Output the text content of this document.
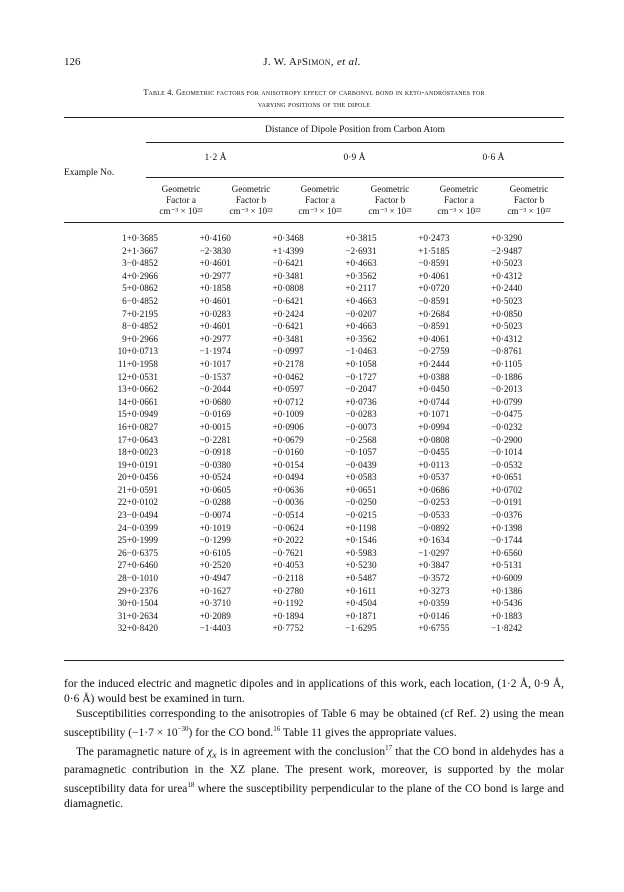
126	J. W. ApSimon, et al.
Table 4. Geometric factors for anisotropy effect of carbonyl bond in keto-androstanes for
varying positions of the dipole
Distance of Dipole Position from Carbon Atom
1·2 Å	0·9 Å	0·6 Å
Example No.
Geometric
Factor a
cm⁻³ × 10²²
Geometric
Factor b
cm⁻³ × 10²²
Geometric
Factor a
cm⁻³ × 10²²
Geometric
Factor b
cm⁻³ × 10²²
Geometric
Factor a
cm⁻³ × 10²²
Geometric
Factor b
cm⁻³ × 10²²
1	+0·3685	+0·4160	+0·3468	+0·3815	+0·2473	+0·3290
2	+1·3667	−2·3830	+1·4399	−2·6931	+1·5185	−2·9487
3	−0·4852	+0·4601	−0·6421	+0·4663	−0·8591	+0·5023
4	+0·2966	+0·2977	+0·3481	+0·3562	+0·4061	+0·4312
5	+0·0862	+0·1858	+0·0808	+0·2117	+0·0720	+0·2440
6	−0·4852	+0·4601	−0·6421	+0·4663	−0·8591	+0·5023
7	+0·2195	+0·0283	+0·2424	−0·0207	+0·2684	+0·0850
8	−0·4852	+0·4601	−0·6421	+0·4663	−0·8591	+0·5023
9	+0·2966	+0·2977	+0·3481	+0·3562	+0·4061	+0·4312
10	+0·0713	−1·1974	−0·0997	−1·0463	−0·2759	−0·8761
11	+0·1958	+0·1017	+0·2178	+0·1058	+0·2444	+0·1105
12	+0·0531	−0·1537	+0·0462	−0·1727	+0·0388	−0·1886
13	+0·0662	−0·2044	+0·0597	−0·2047	+0·0450	−0·2013
14	+0·0661	+0·0680	+0·0712	+0·0736	+0·0744	+0·0799
15	+0·0949	−0·0169	+0·1009	−0·0283	+0·1071	−0·0475
16	+0·0827	+0·0015	+0·0906	−0·0073	+0·0994	−0·0232
17	+0·0643	−0·2281	+0·0679	−0·2568	+0·0808	−0·2900
18	+0·0023	−0·0918	−0·0160	−0·1057	−0·0455	−0·1014
19	+0·0191	−0·0380	+0·0154	−0·0439	+0·0113	−0·0532
20	+0·0456	+0·0524	+0·0494	+0·0583	+0·0537	+0·0651
21	+0·0591	+0·0605	+0·0636	+0·0651	+0·0686	+0·0702
22	+0·0102	−0·0288	−0·0036	−0·0250	−0·0253	−0·0191
23	−0·0494	−0·0074	−0·0514	−0·0215	−0·0533	−0·0376
24	−0·0399	+0·1019	−0·0624	+0·1198	−0·0892	+0·1398
25	+0·1999	−0·1299	+0·2022	+0·1546	+0·1634	−0·1744
26	−0·6375	+0·6105	−0·7621	+0·5983	−1·0297	+0·6560
27	+0·6460	+0·2520	+0·4053	+0·5230	+0·3847	+0·5131
28	−0·1010	+0·4947	−0·2118	+0·5487	−0·3572	+0·6009
29	+0·2376	+0·1627	+0·2780	+0·1611	+0·3273	+0·1386
30	+0·1504	+0·3710	+0·1192	+0·4504	+0·0359	+0·5436
31	+0·2634	+0·2089	+0·1894	+0·1871	+0·0146	+0·1883
32	+0·8420	−1·4403	+0·7752	−1·6295	+0·6755	−1·8242

for the induced electric and magnetic dipoles and in applications of this work, each location, (1·2 Å, 0·9 Å, 0·6 Å) would best be examined in turn.

Susceptibilities corresponding to the anisotropies of Table 6 may be obtained (cf Ref. 2) using the mean susceptibility $(-1\cdot 7 \times 10^{-30})$ for the CO bond.$^{16}$ Table 11 gives the appropriate values.

The paramagnetic nature of $\chi_x$ is in agreement with the conclusion$^{17}$ that the CO bond in aldehydes has a paramagnetic contribution in the XZ plane. The present work, moreover, is supported by the molar susceptibility data for urea$^{18}$ where the susceptibility perpendicular to the plane of the CO bond is large and diamagnetic.
